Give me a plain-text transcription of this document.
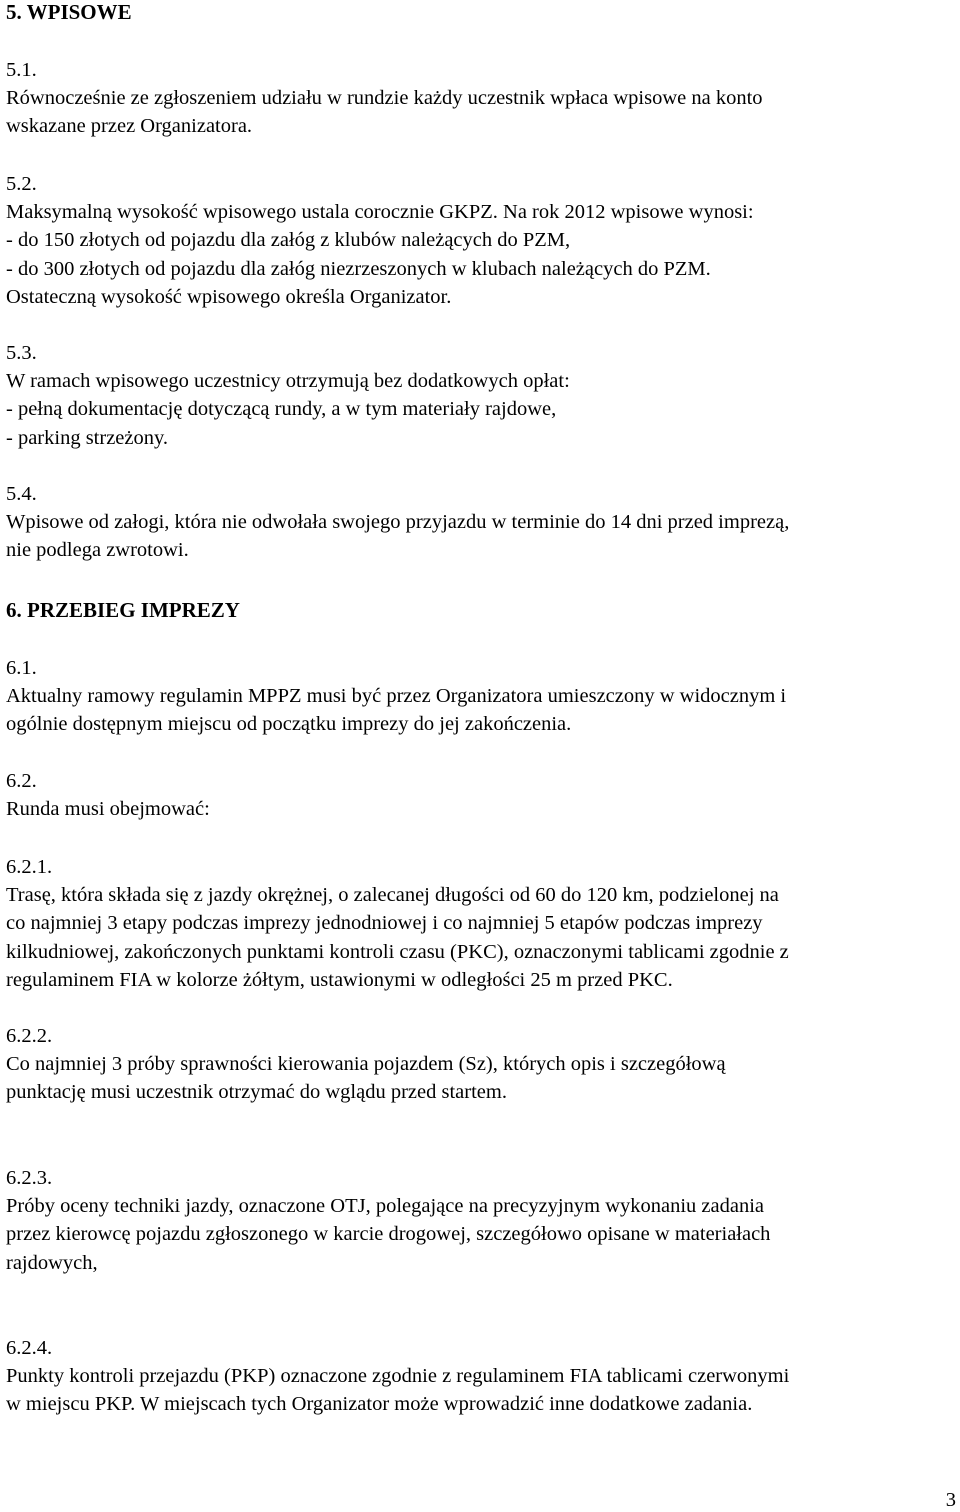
5. WPISOWE
5.1.
Równocześnie ze zgłoszeniem udziału w rundzie każdy uczestnik wpłaca wpisowe na konto
wskazane przez Organizatora.
5.2.
Maksymalną wysokość wpisowego ustala corocznie GKPZ. Na rok 2012 wpisowe wynosi:
- do 150 złotych od pojazdu dla załóg z klubów należących do PZM,
- do 300 złotych od pojazdu dla załóg niezrzeszonych w klubach należących do PZM.
Ostateczną wysokość wpisowego określa Organizator.
5.3.
W ramach wpisowego uczestnicy otrzymują bez dodatkowych opłat:
- pełną dokumentację dotyczącą rundy, a w tym materiały rajdowe,
- parking strzeżony.
5.4.
Wpisowe od załogi, która nie odwołała swojego przyjazdu w terminie do 14 dni przed imprezą,
nie podlega zwrotowi.
6. PRZEBIEG IMPREZY
6.1.
Aktualny ramowy regulamin MPPZ musi być przez Organizatora umieszczony w widocznym i
ogólnie dostępnym miejscu od początku imprezy do jej zakończenia.
6.2.
Runda musi obejmować:
6.2.1.
Trasę, która składa się z jazdy okrężnej, o zalecanej długości od 60 do 120 km, podzielonej na
co najmniej 3 etapy podczas imprezy jednodniowej i co najmniej 5 etapów podczas imprezy
kilkudniowej, zakończonych punktami kontroli czasu (PKC), oznaczonymi tablicami zgodnie z
regulaminem FIA w kolorze żółtym, ustawionymi w odległości 25 m przed PKC.
6.2.2.
Co najmniej 3 próby sprawności kierowania pojazdem (Sz), których opis i szczegółową
punktację musi uczestnik otrzymać do wglądu przed startem.
6.2.3.
Próby oceny techniki jazdy, oznaczone OTJ, polegające na precyzyjnym wykonaniu zadania
przez kierowcę pojazdu zgłoszonego w karcie drogowej, szczegółowo opisane w materiałach
rajdowych,
6.2.4.
Punkty kontroli przejazdu (PKP) oznaczone zgodnie z regulaminem FIA tablicami czerwonymi
w miejscu PKP. W miejscach tych Organizator może wprowadzić inne dodatkowe zadania.
3
